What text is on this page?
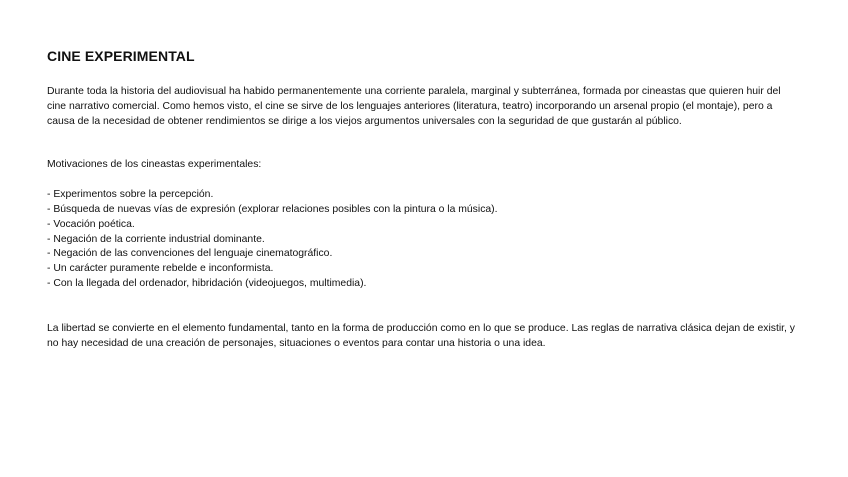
CINE EXPERIMENTAL

Durante toda la historia del audiovisual ha habido permanentemente una corriente paralela, marginal y subterránea, formada por cineastas que quieren huir del cine narrativo comercial. Como hemos visto, el cine se sirve de los lenguajes anteriores (literatura, teatro) incorporando un arsenal propio (el montaje), pero a causa de la necesidad de obtener rendimientos se dirige a los viejos argumentos universales con la seguridad de que gustarán al público.

Motivaciones de los cineastas experimentales:

- Experimentos sobre la percepción.
- Búsqueda de nuevas vías de expresión (explorar relaciones posibles con la pintura o la música).
- Vocación poética.
- Negación de la corriente industrial dominante.
- Negación de las convenciones del lenguaje cinematográfico.
- Un carácter puramente rebelde e inconformista.
- Con la llegada del ordenador, hibridación (videojuegos, multimedia).

La libertad se convierte en el elemento fundamental, tanto en la forma de producción como en lo que se produce. Las reglas de narrativa clásica dejan de existir, y no hay necesidad de una creación de personajes, situaciones o eventos para contar una historia o una idea.
